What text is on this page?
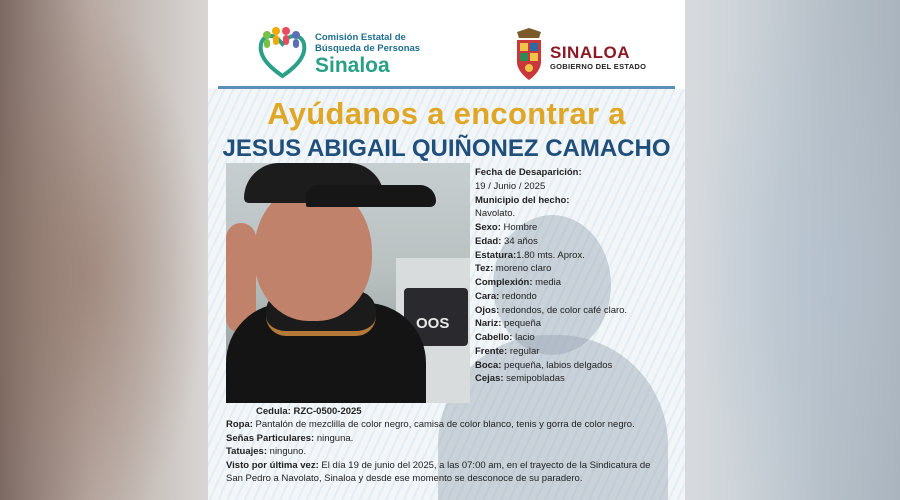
Comisión Estatal de
Búsqueda de Personas
Sinaloa
SINALOA
GOBIERNO DEL ESTADO
Ayúdanos a encontrar a
JESUS ABIGAIL QUIÑONEZ CAMACHO
OOS
Fecha de Desaparición:
19 / Junio / 2025
Municipio del hecho:
Navolato.
Sexo: Hombre
Edad: 34 años
Estatura:1.80 mts. Aprox.
Tez: moreno claro
Complexión: media
Cara: redondo
Ojos: redondos, de color café claro.
Nariz: pequeña
Cabello: lacio
Frente: regular
Boca: pequeña, labios delgados
Cejas: semipobladas
Cedula: RZC-0500-2025
Ropa: Pantalón de mezclilla de color negro, camisa de color blanco, tenis y gorra de color negro.
Señas Particulares: ninguna.
Tatuajes: ninguno.
Visto por última vez: El día 19 de junio del 2025, a las 07:00 am, en el trayecto de la Sindicatura de
San Pedro a Navolato, Sinaloa y desde ese momento se desconoce de su paradero.
